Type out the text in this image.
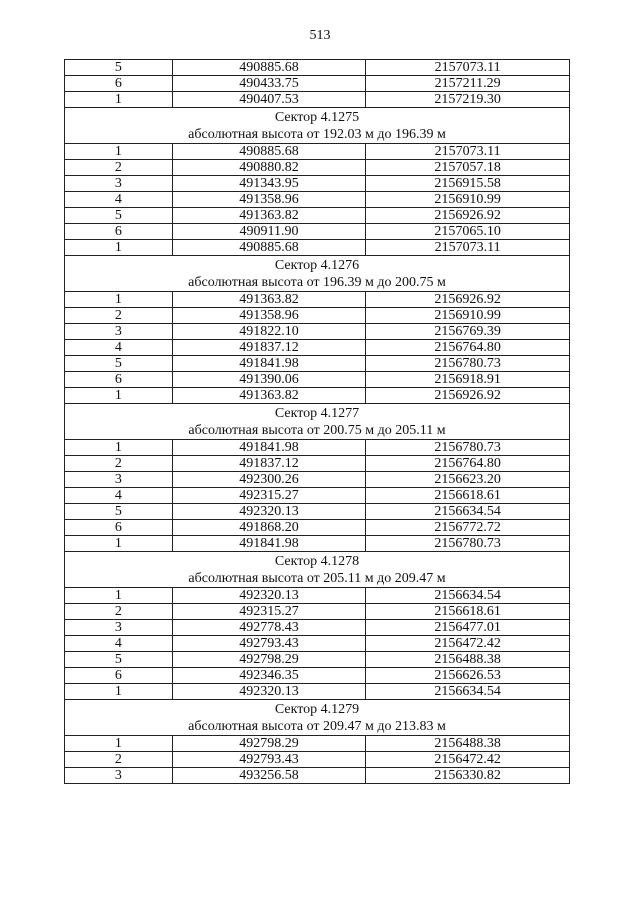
513
5	490885.68	2157073.11
6	490433.75	2157211.29
1	490407.53	2157219.30

Сектор 4.1275
абсолютная высота от 192.03 м до 196.39 м		

1	490885.68	2157073.11
2	490880.82	2157057.18
3	491343.95	2156915.58
4	491358.96	2156910.99
5	491363.82	2156926.92
6	490911.90	2157065.10
1	490885.68	2157073.11

Сектор 4.1276
абсолютная высота от 196.39 м до 200.75 м		

1	491363.82	2156926.92
2	491358.96	2156910.99
3	491822.10	2156769.39
4	491837.12	2156764.80
5	491841.98	2156780.73
6	491390.06	2156918.91
1	491363.82	2156926.92

Сектор 4.1277
абсолютная высота от 200.75 м до 205.11 м		

1	491841.98	2156780.73
2	491837.12	2156764.80
3	492300.26	2156623.20
4	492315.27	2156618.61
5	492320.13	2156634.54
6	491868.20	2156772.72
1	491841.98	2156780.73

Сектор 4.1278
абсолютная высота от 205.11 м до 209.47 м		

1	492320.13	2156634.54
2	492315.27	2156618.61
3	492778.43	2156477.01
4	492793.43	2156472.42
5	492798.29	2156488.38
6	492346.35	2156626.53
1	492320.13	2156634.54

Сектор 4.1279
абсолютная высота от 209.47 м до 213.83 м		

1	492798.29	2156488.38
2	492793.43	2156472.42
3	493256.58	2156330.82
